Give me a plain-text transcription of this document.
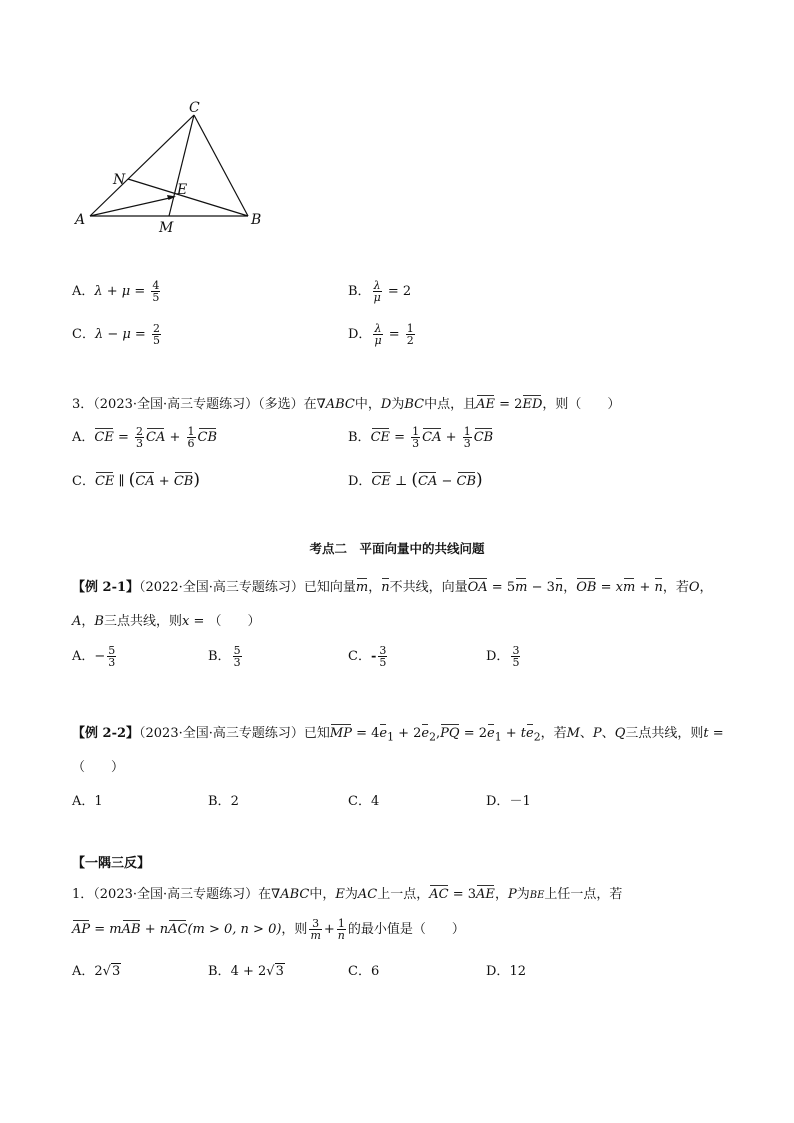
C
N
E
A	M	B
A．$\lambda + \mu = \frac{4}{5}$	B． $\frac{\lambda}{\mu} = 2$
C．$\lambda - \mu = \frac{2}{5}$	D． $\frac{\lambda}{\mu} = \frac{1}{2}$
3．（2023·全国·高三专题练习）（多选）在∇ABC中，D为BC中点，且AE = 2ED，则（　　）
A．CE = $\frac{2}{3}$ CA + $\frac{1}{6}$ CB	B．CE = $\frac{1}{3}$ CA + $\frac{1}{3}$ CB
C．CE ∥ (CA + CB)	D．CE ⊥ (CA − CB)
考点二　平面向量中的共线问题
【例 2-1】（2022·全国·高三专题练习）已知向量m，n不共线，向量OA = 5m − 3n，OB = xm + n，若O，
A，B三点共线，则x = （　　）
A．− $\frac{5}{3}$	B． $\frac{5}{3}$	C．- $\frac{3}{5}$	D． $\frac{3}{5}$
【例 2-2】（2023·全国·高三专题练习）已知MP = $4e_1 + 2e_2,PQ = 2e_1 + te_2$，若M、P、Q三点共线，则t =
（　　）
A．1	B．2	C．4	D．－1
【一隅三反】
1．（2023·全国·高三专题练习）在∇ABC中，E为AC上一点，AC = 3AE，P为BE上任一点，若
AP = mAB + nAC(m > 0, n > 0)，则 $\frac{3}{m} + \frac{1}{n}$ 的最小值是（　　）
A．2√3	B．4 + 2√3	C．6	D．12
